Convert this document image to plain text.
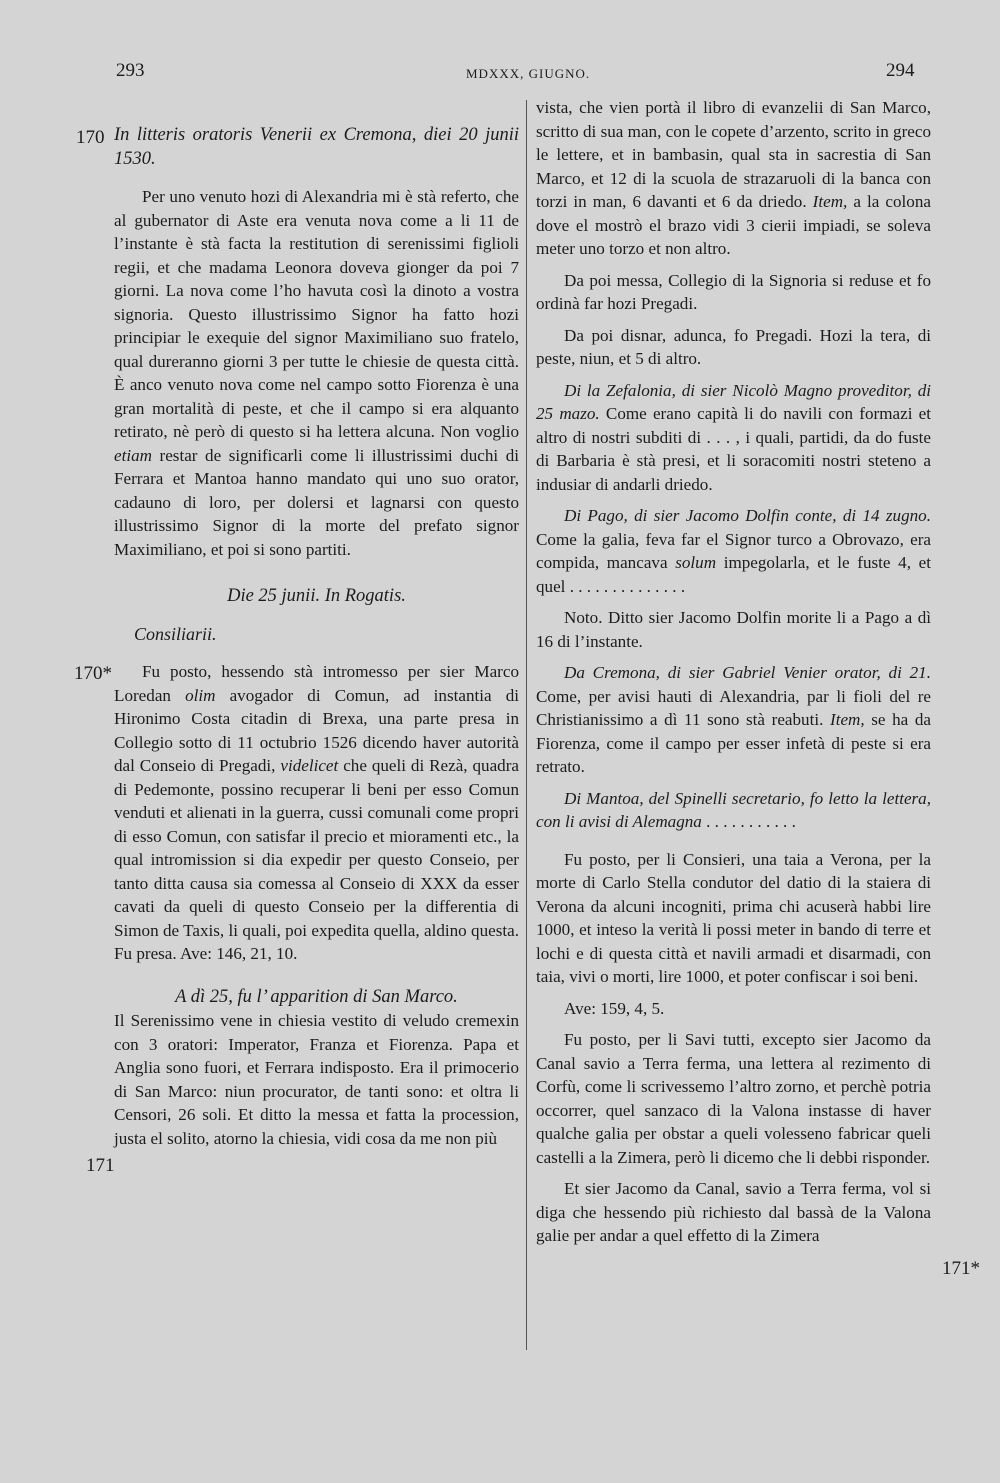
293	MDXXX, GIUGNO.	294
170
170*
171
171*

In litteris oratoris Venerii ex Cremona, diei 20 junii 1530.

Per uno venuto hozi di Alexandria mi è stà referto, che al gubernator di Aste era venuta nova come a li 11 de l’instante è stà facta la restitution di serenissimi figlioli regii, et che madama Leonora doveva gionger da poi 7 giorni. La nova come l’ho havuta così la dinoto a vostra signoria. Questo illustrissimo Signor ha fatto hozi principiar le exequie del signor Maximiliano suo fratelo, qual dureranno giorni 3 per tutte le chiesie de questa città. È anco venuto nova come nel campo sotto Fiorenza è una gran mortalità di peste, et che il campo si era alquanto retirato, nè però di questo si ha lettera alcuna. Non voglio etiam restar de significarli come li illustrissimi duchi di Ferrara et Mantoa hanno mandato qui uno suo orator, cadauno di loro, per dolersi et lagnarsi con questo illustrissimo Signor di la morte del prefato signor Maximiliano, et poi si sono partiti.

Die 25 junii. In Rogatis.

Consiliarii.

Fu posto, hessendo stà intromesso per sier Marco Loredan olim avogador di Comun, ad instantia di Hironimo Costa citadin di Brexa, una parte presa in Collegio sotto di 11 octubrio 1526 dicendo haver autorità dal Conseio di Pregadi, videlicet che queli di Rezà, quadra di Pedemonte, possino recuperar li beni per esso Comun venduti et alienati in la guerra, cussi comunali come propri di esso Comun, con satisfar il precio et mioramenti etc., la qual intromission si dia expedir per questo Conseio, per tanto ditta causa sia comessa al Conseio di XXX da esser cavati da queli di questo Conseio per la differentia di Simon de Taxis, li quali, poi expedita quella, aldino questa. Fu presa. Ave: 146, 21, 10.

A dì 25, fu l’ apparition di San Marco.

Il Serenissimo vene in chiesia vestito di veludo cremexin con 3 oratori: Imperator, Franza et Fiorenza. Papa et Anglia sono fuori, et Ferrara indisposto. Era il primocerio di San Marco: niun procurator, de tanti sono: et oltra li Censori, 26 soli. Et ditto la messa et fatta la procession, justa el solito, atorno la chiesia, vidi cosa da me non più

vista, che vien portà il libro di evanzelii di San Marco, scritto di sua man, con le copete d’arzento, scrito in greco le lettere, et in bambasin, qual sta in sacrestia di San Marco, et 12 di la scuola de strazaruoli di la banca con torzi in man, 6 davanti et 6 da driedo. Item, a la colona dove el mostrò el brazo vidi 3 cierii impiadi, se soleva meter uno torzo et non altro.

Da poi messa, Collegio di la Signoria si reduse et fo ordinà far hozi Pregadi.

Da poi disnar, adunca, fo Pregadi. Hozi la tera, di peste, niun, et 5 di altro.

Di la Zefalonia, di sier Nicolò Magno proveditor, di 25 mazo. Come erano capità li do navili con formazi et altro di nostri subditi di . . . , i quali, partidi, da do fuste di Barbaria è stà presi, et li soracomiti nostri steteno a indusiar di andarli driedo.

Di Pago, di sier Jacomo Dolfin conte, di 14 zugno. Come la galia, feva far el Signor turco a Obrovazo, era compida, mancava solum impegolarla, et le fuste 4, et quel . . . . . . . . . . . . . .

Noto. Ditto sier Jacomo Dolfin morite li a Pago a dì 16 di l’instante.

Da Cremona, di sier Gabriel Venier orator, di 21. Come, per avisi hauti di Alexandria, par li fioli del re Christianissimo a dì 11 sono stà reabuti. Item, se ha da Fiorenza, come il campo per esser infetà di peste si era retrato.

Di Mantoa, del Spinelli secretario, fo letto la lettera, con li avisi di Alemagna . . . . . . . . . . .

Fu posto, per li Consieri, una taia a Verona, per la morte di Carlo Stella condutor del datio di la staiera di Verona da alcuni incogniti, prima chi acuserà habbi lire 1000, et inteso la verità li possi meter in bando di terre et lochi e di questa città et navili armadi et disarmadi, con taia, vivi o morti, lire 1000, et poter confiscar i soi beni.

Ave: 159, 4, 5.

Fu posto, per li Savi tutti, excepto sier Jacomo da Canal savio a Terra ferma, una lettera al rezimento di Corfù, come li scrivessemo l’altro zorno, et perchè potria occorrer, quel sanzaco di la Valona instasse di haver qualche galia per obstar a queli volesseno fabricar queli castelli a la Zimera, però li dicemo che li debbi risponder.

Et sier Jacomo da Canal, savio a Terra ferma, vol si diga che hessendo più richiesto dal bassà de la Valona galie per andar a quel effetto di la Zimera
